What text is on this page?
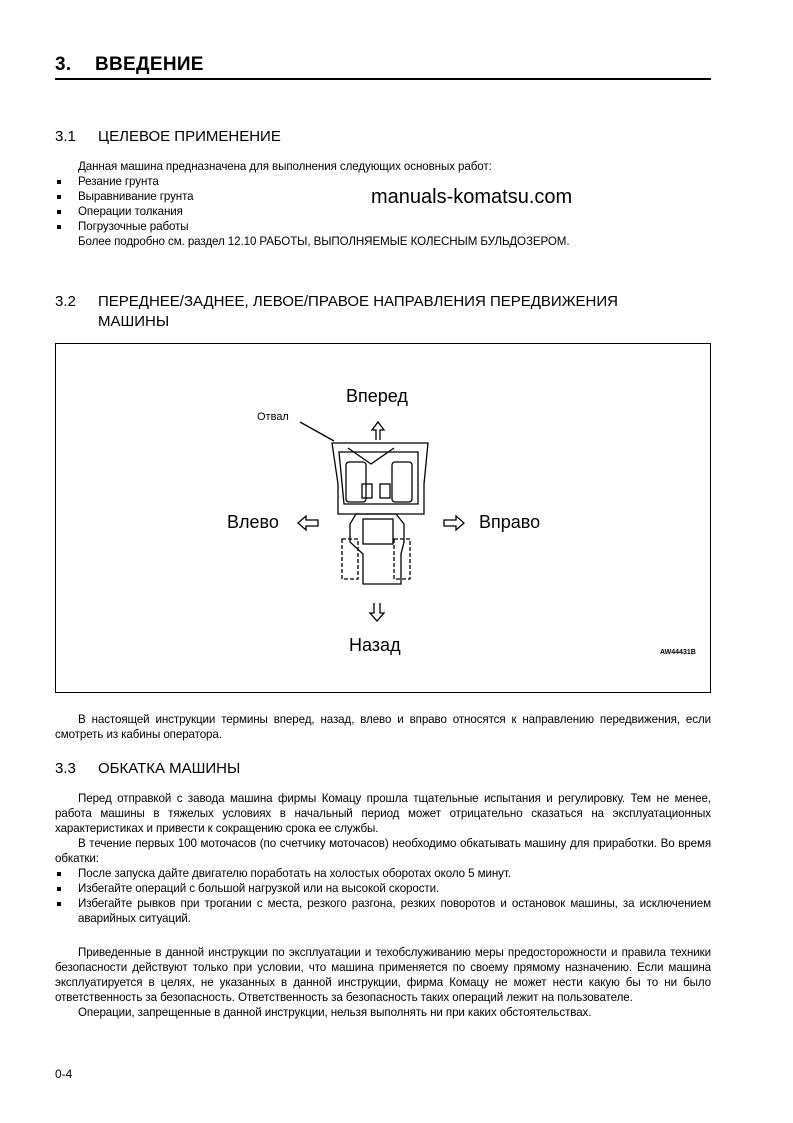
3. ВВЕДЕНИЕ
3.1 ЦЕЛЕВОЕ ПРИМЕНЕНИЕ
Данная машина предназначена для выполнения следующих основных работ:
Резание грунта
Выравнивание грунта
Операции толкания
Погрузочные работы
Более подробно см. раздел 12.10 РАБОТЫ, ВЫПОЛНЯЕМЫЕ КОЛЕСНЫМ БУЛЬДОЗЕРОМ.
manuals-komatsu.com
3.2 ПЕРЕДНЕЕ/ЗАДНЕЕ, ЛЕВОЕ/ПРАВОЕ НАПРАВЛЕНИЯ ПЕРЕДВИЖЕНИЯ
МАШИНЫ
Вперед
Назад
Влево	Вправо
Отвал
AW44431B
В настоящей инструкции термины вперед, назад, влево и вправо относятся к направлению передвижения, если смотреть из кабины оператора.
3.3 ОБКАТКА МАШИНЫ
Перед отправкой с завода машина фирмы Комацу прошла тщательные испытания и регулировку. Тем не менее, работа машины в тяжелых условиях в начальный период может отрицательно сказаться на эксплуатационных характеристиках и привести к сокращению срока ее службы.
В течение первых 100 моточасов (по счетчику моточасов) необходимо обкатывать машину для приработки. Во время обкатки:
После запуска дайте двигателю поработать на холостых оборотах около 5 минут.
Избегайте операций с большой нагрузкой или на высокой скорости.
Избегайте рывков при трогании с места, резкого разгона, резких поворотов и остановок машины, за исключением аварийных ситуаций.
Приведенные в данной инструкции по эксплуатации и техобслуживанию меры предосторожности и правила техники безопасности действуют только при условии, что машина применяется по своему прямому назначению. Если машина эксплуатируется в целях, не указанных в данной инструкции, фирма Комацу не может нести какую бы то ни было ответственность за безопасность. Ответственность за безопасность таких операций лежит на пользователе.
Операции, запрещенные в данной инструкции, нельзя выполнять ни при каких обстоятельствах.
0-4
